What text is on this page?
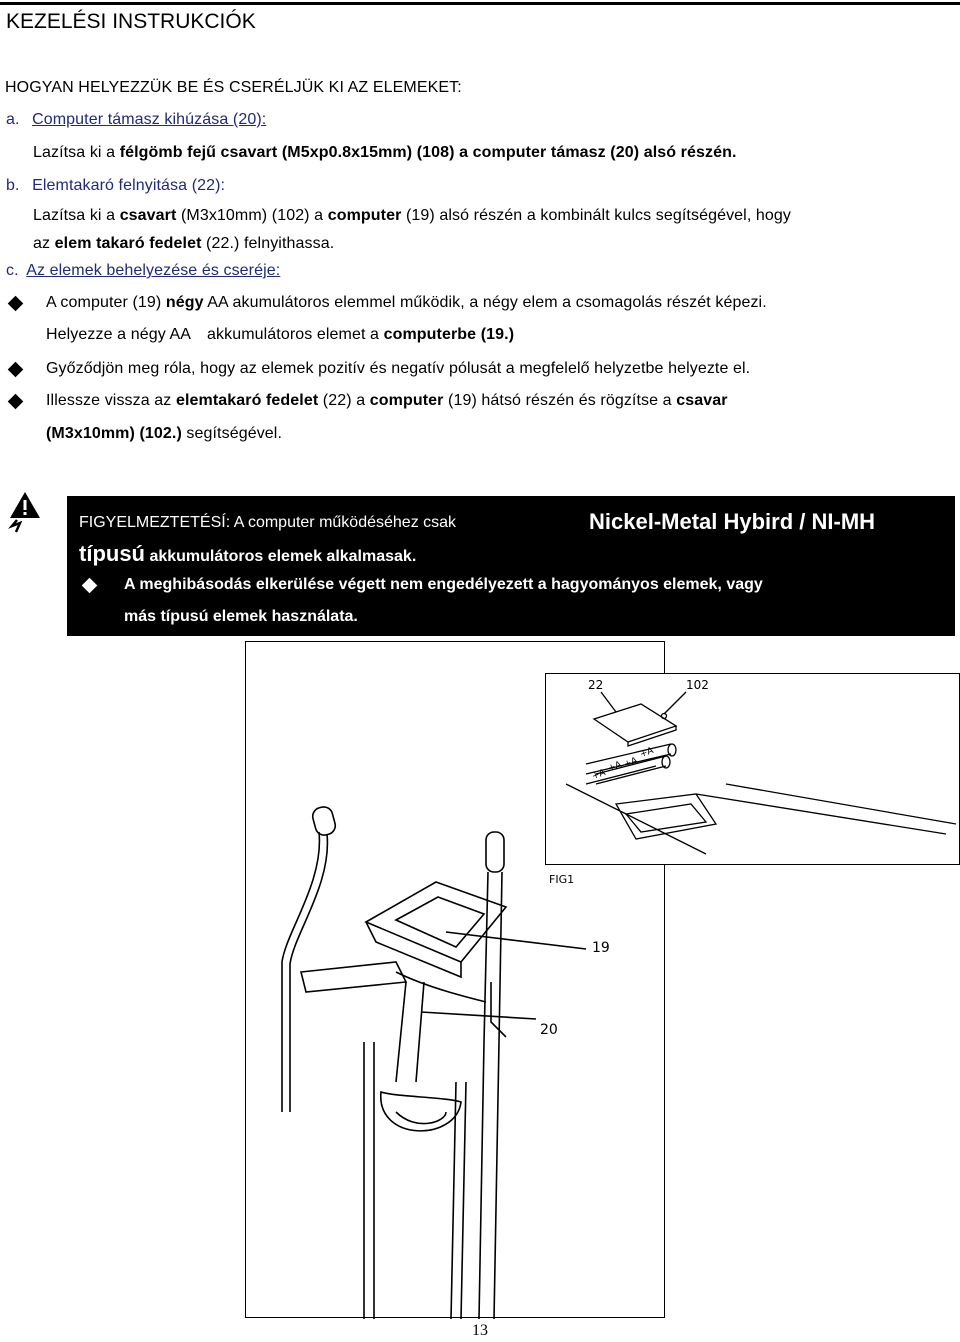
KEZELÉSI INSTRUKCIÓK
HOGYAN HELYEZZÜK BE ÉS CSERÉLJÜK KI AZ ELEMEKET:
a. Computer támasz kihúzása (20):
Lazítsa ki a félgömb fejű csavart (M5xp0.8x15mm) (108) a computer támasz (20) alsó részén.
b. Elemtakaró felnyitása (22):
Lazítsa ki a csavart (M3x10mm) (102) a computer (19) alsó részén a kombinált kulcs segítségével, hogy
az elem takaró fedelet (22.) felnyithassa.
c. Az elemek behelyezése és cseréje:
A computer (19) négy AA akumulátoros elemmel működik, a négy elem a csomagolás részét képezi.
Helyezze a négy AA akkumulátoros elemet a computerbe (19.)
Győződjön meg róla, hogy az elemek pozitív és negatív pólusát a megfelelő helyzetbe helyezte el.
Illessze vissza az elemtakaró fedelet (22) a computer (19) hátsó részén és rögzítse a csavar
(M3x10mm) (102.) segítségével.
FIGYELMEZTETÉSÍ: A computer működéséhez csak	Nickel-Metal Hybird / NI-MH
típusú akkumulátoros elemek alkalmasak.
A meghibásodás elkerülése végett nem engedélyezett a hagyományos elemek, vagy
más típusú elemek használata.
19
20
22	102
+A +A
+A
+A
FIG1
13
